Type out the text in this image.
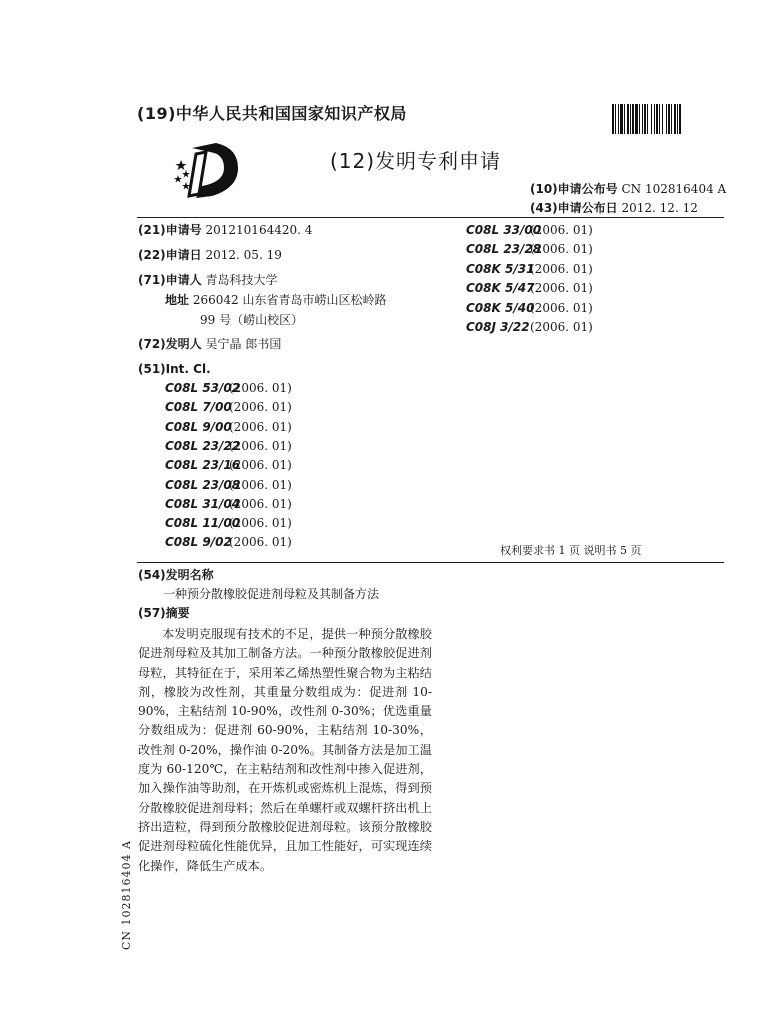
(19)中华人民共和国国家知识产权局
(12)发明专利申请
(10)申请公布号 CN 102816404 A
(43)申请公布日 2012. 12. 12
(21)申请号 201210164420. 4
(22)申请日 2012. 05. 19
(71)申请人 青岛科技大学
地址 266042 山东省青岛市崂山区松岭路
99 号（崂山校区）
(72)发明人 吴宁晶 郎书国
(51)Int. Cl.
C08L 53/02(2006. 01)
C08L 7/00(2006. 01)
C08L 9/00(2006. 01)
C08L 23/22(2006. 01)
C08L 23/16(2006. 01)
C08L 23/08(2006. 01)
C08L 31/04(2006. 01)
C08L 11/00(2006. 01)
C08L 9/02(2006. 01)
C08L 33/00(2006. 01)
C08L 23/28(2006. 01)
C08K 5/31(2006. 01)
C08K 5/47(2006. 01)
C08K 5/40(2006. 01)
C08J 3/22(2006. 01)
权利要求书 1 页 说明书 5 页
(54)发明名称
一种预分散橡胶促进剂母粒及其制备方法
(57)摘要

本发明克服现有技术的不足，提供一种预分散橡胶促进剂母粒及其加工制备方法。一种预分散橡胶促进剂母粒，其特征在于，采用苯乙烯热塑性聚合物为主粘结剂，橡胶为改性剂，其重量分数组成为：促进剂 10-90%，主粘结剂 10-90%，改性剂 0-30%；优选重量分数组成为：促进剂 60-90%，主粘结剂 10-30%，改性剂 0-20%，操作油 0-20%。其制备方法是加工温度为 60-120℃，在主粘结剂和改性剂中掺入促进剂，加入操作油等助剂，在开炼机或密炼机上混炼，得到预分散橡胶促进剂母料；然后在单螺杆或双螺杆挤出机上挤出造粒，得到预分散橡胶促进剂母粒。该预分散橡胶促进剂母粒硫化性能优异，且加工性能好，可实现连续化操作，降低生产成本。

CN 102816404 A
